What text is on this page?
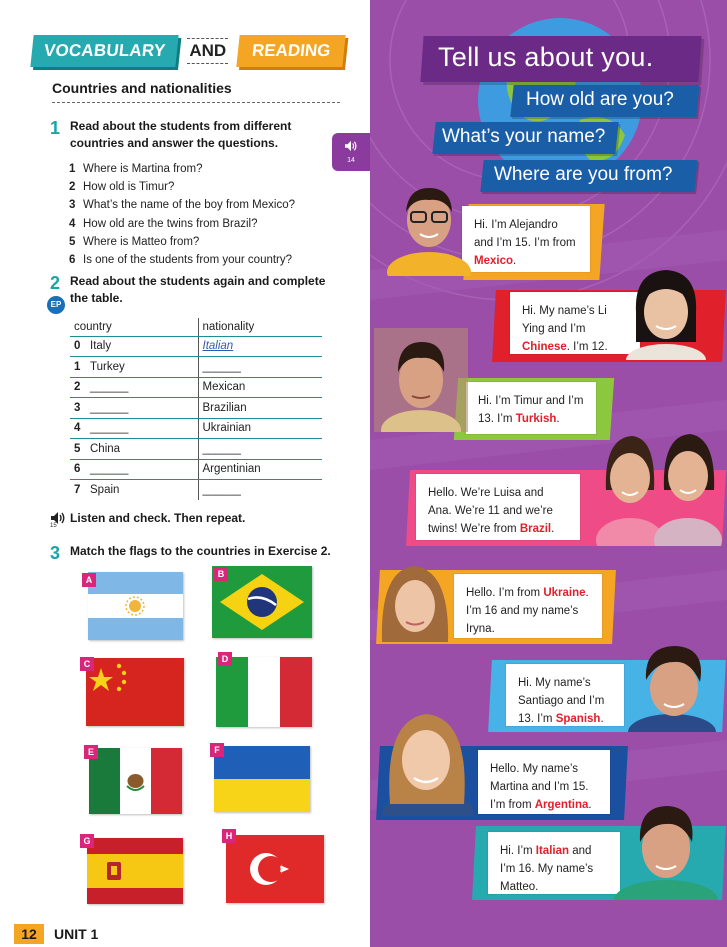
VOCABULARY	AND	READING
Countries and nationalities
1 Read about the students from different countries and answer the questions.
1 Where is Martina from?
2 How old is Timur?
3 What’s the name of the boy from Mexico?
4 How old are the twins from Brazil?
5 Where is Matteo from?
6 Is one of the students from your country?
2 Read about the students again and complete the table.
EP
country	nationality
0 Italy	Italian
1 Turkey	______
2 ______	Mexican
3 ______	Brazilian
4 ______	Ukrainian
5 China	______
6 ______	Argentinian
7 Spain	______
Listen and check. Then repeat.
15
3 Match the flags to the countries in Exercise 2.
A
B
C	D
E	F
G	H
12	UNIT 1
Tell us about you.
How old are you?
What’s your name?
Where are you from?
Hi. I’m Alejandro and I’m 15. I’m from Mexico.
Hi. My name’s Li Ying and I’m Chinese. I’m 12.
Hi. I’m Timur and I’m 13. I’m Turkish.
Hello. We’re Luisa and Ana. We’re 11 and we’re twins! We’re from Brazil.
Hello. I’m from Ukraine. I’m 16 and my name’s Iryna.
Hi. My name’s Santiago and I’m 13. I’m Spanish.
Hello. My name’s Martina and I’m 15. I’m from Argentina.
Hi. I’m Italian and I’m 16. My name’s Matteo.
14
